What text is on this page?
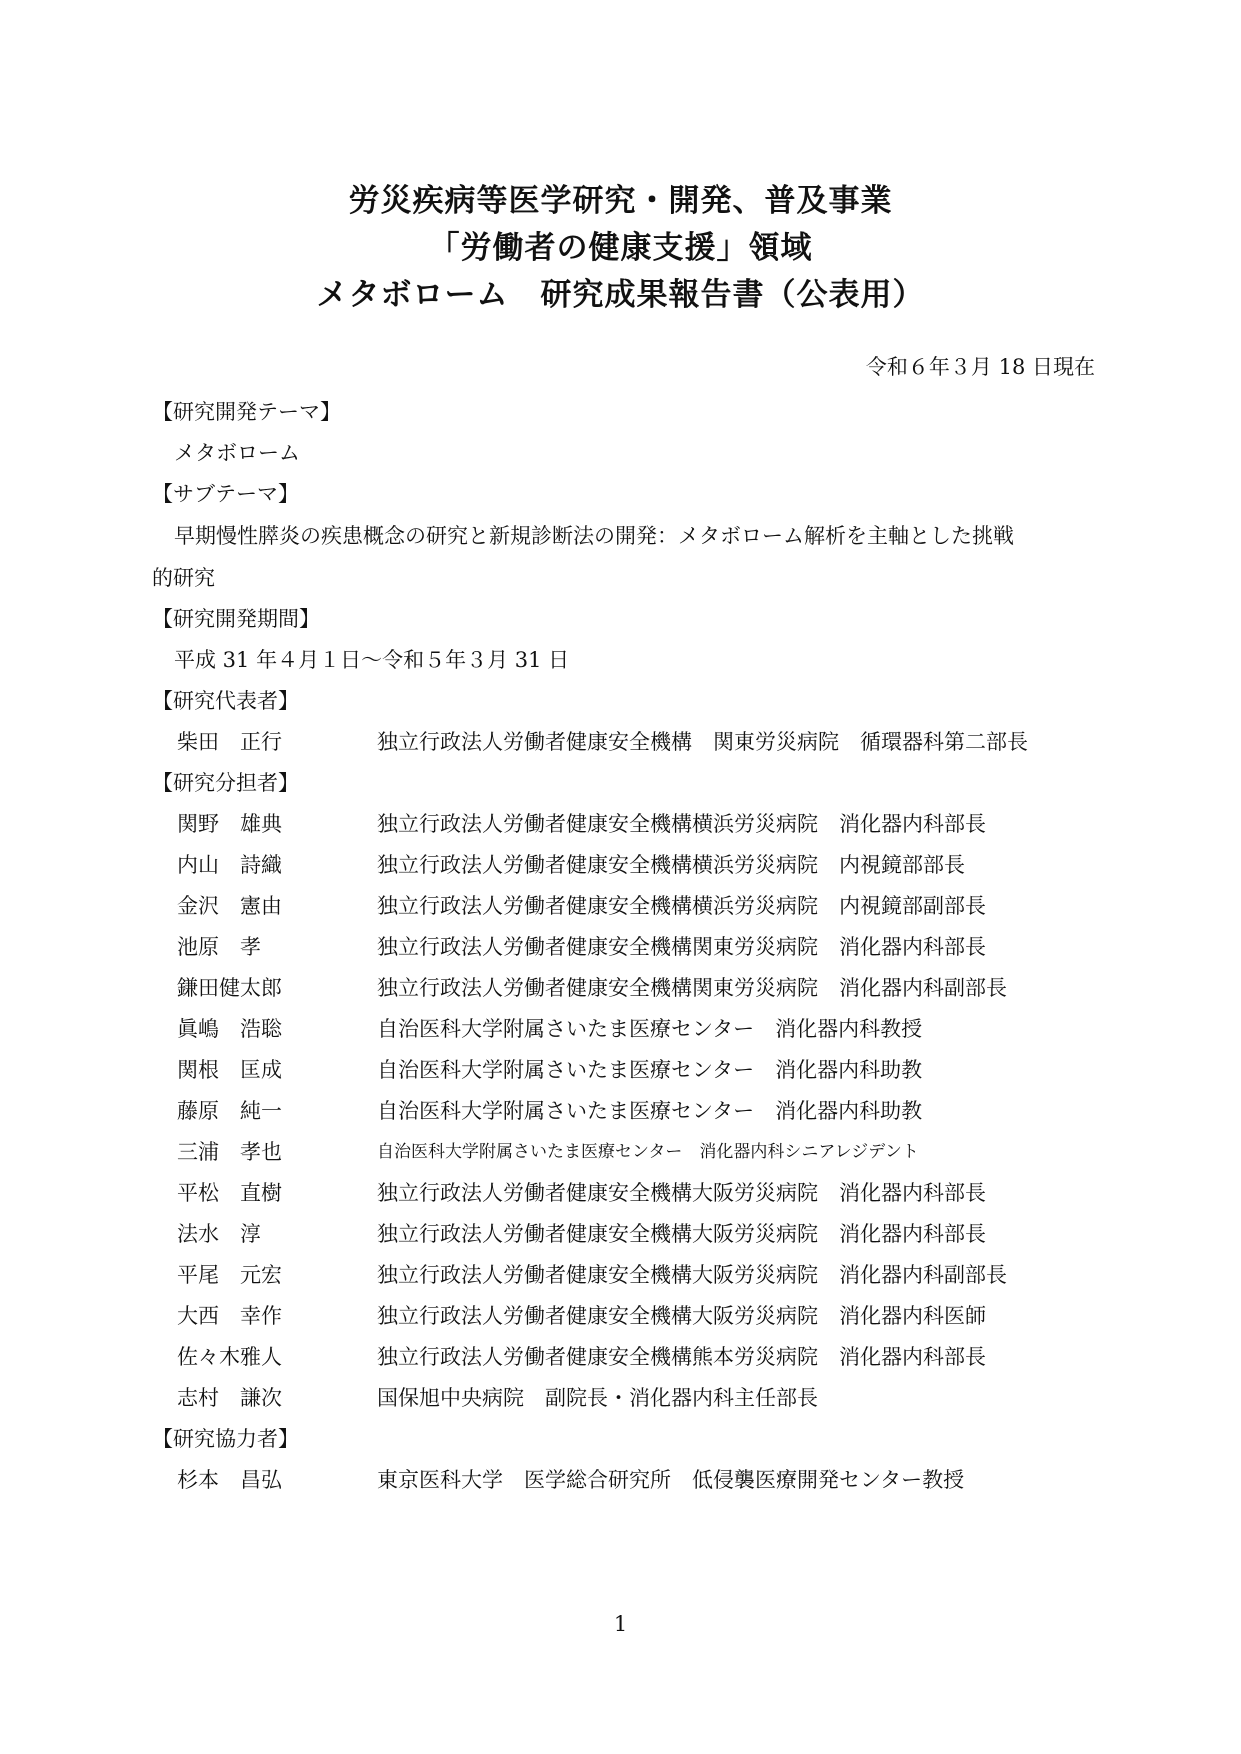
労災疾病等医学研究・開発、普及事業
「労働者の健康支援」領域
メタボローム　研究成果報告書（公表用）
令和６年３月 18 日現在
【研究開発テーマ】
メタボローム
【サブテーマ】
早期慢性膵炎の疾患概念の研究と新規診断法の開発：メタボローム解析を主軸とした挑戦的研究
【研究開発期間】
平成 31 年４月１日～令和５年３月 31 日
【研究代表者】
柴田　正行	独立行政法人労働者健康安全機構　関東労災病院　循環器科第二部長
【研究分担者】
関野　雄典	独立行政法人労働者健康安全機構横浜労災病院　消化器内科部長
内山　詩織	独立行政法人労働者健康安全機構横浜労災病院　内視鏡部部長
金沢　憲由	独立行政法人労働者健康安全機構横浜労災病院　内視鏡部副部長
池原　孝	独立行政法人労働者健康安全機構関東労災病院　消化器内科部長
鎌田健太郎	独立行政法人労働者健康安全機構関東労災病院　消化器内科副部長
眞嶋　浩聡	自治医科大学附属さいたま医療センター　消化器内科教授
関根　匡成	自治医科大学附属さいたま医療センター　消化器内科助教
藤原　純一	自治医科大学附属さいたま医療センター　消化器内科助教
三浦　孝也	自治医科大学附属さいたま医療センター　消化器内科シニアレジデント
平松　直樹	独立行政法人労働者健康安全機構大阪労災病院　消化器内科部長
法水　淳	独立行政法人労働者健康安全機構大阪労災病院　消化器内科部長
平尾　元宏	独立行政法人労働者健康安全機構大阪労災病院　消化器内科副部長
大西　幸作	独立行政法人労働者健康安全機構大阪労災病院　消化器内科医師
佐々木雅人	独立行政法人労働者健康安全機構熊本労災病院　消化器内科部長
志村　謙次	国保旭中央病院　副院長・消化器内科主任部長
【研究協力者】
杉本　昌弘	東京医科大学　医学総合研究所　低侵襲医療開発センター教授
1
